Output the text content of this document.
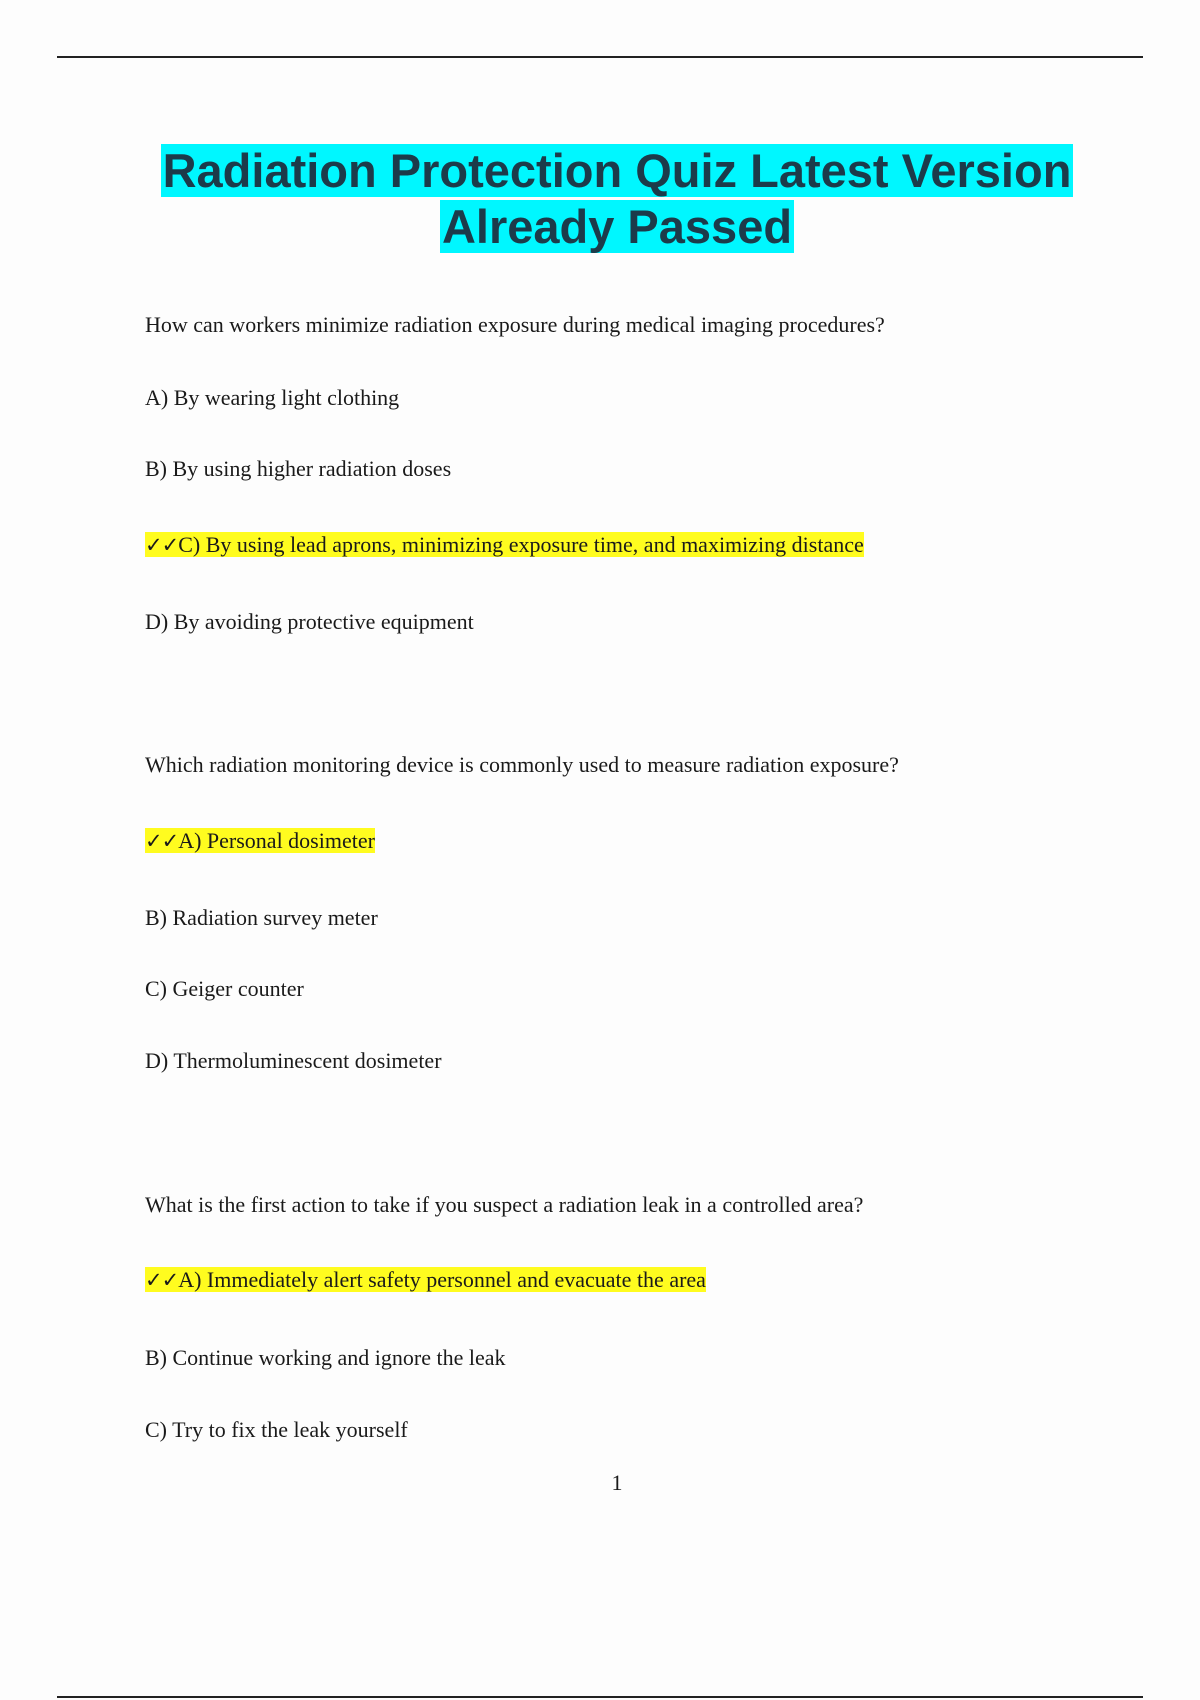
Radiation Protection Quiz Latest Version
Already Passed
How can workers minimize radiation exposure during medical imaging procedures?
A) By wearing light clothing
B) By using higher radiation doses
✓✓C) By using lead aprons, minimizing exposure time, and maximizing distance
D) By avoiding protective equipment
Which radiation monitoring device is commonly used to measure radiation exposure?
✓✓A) Personal dosimeter
B) Radiation survey meter
C) Geiger counter
D) Thermoluminescent dosimeter
What is the first action to take if you suspect a radiation leak in a controlled area?
✓✓A) Immediately alert safety personnel and evacuate the area
B) Continue working and ignore the leak
C) Try to fix the leak yourself
1
